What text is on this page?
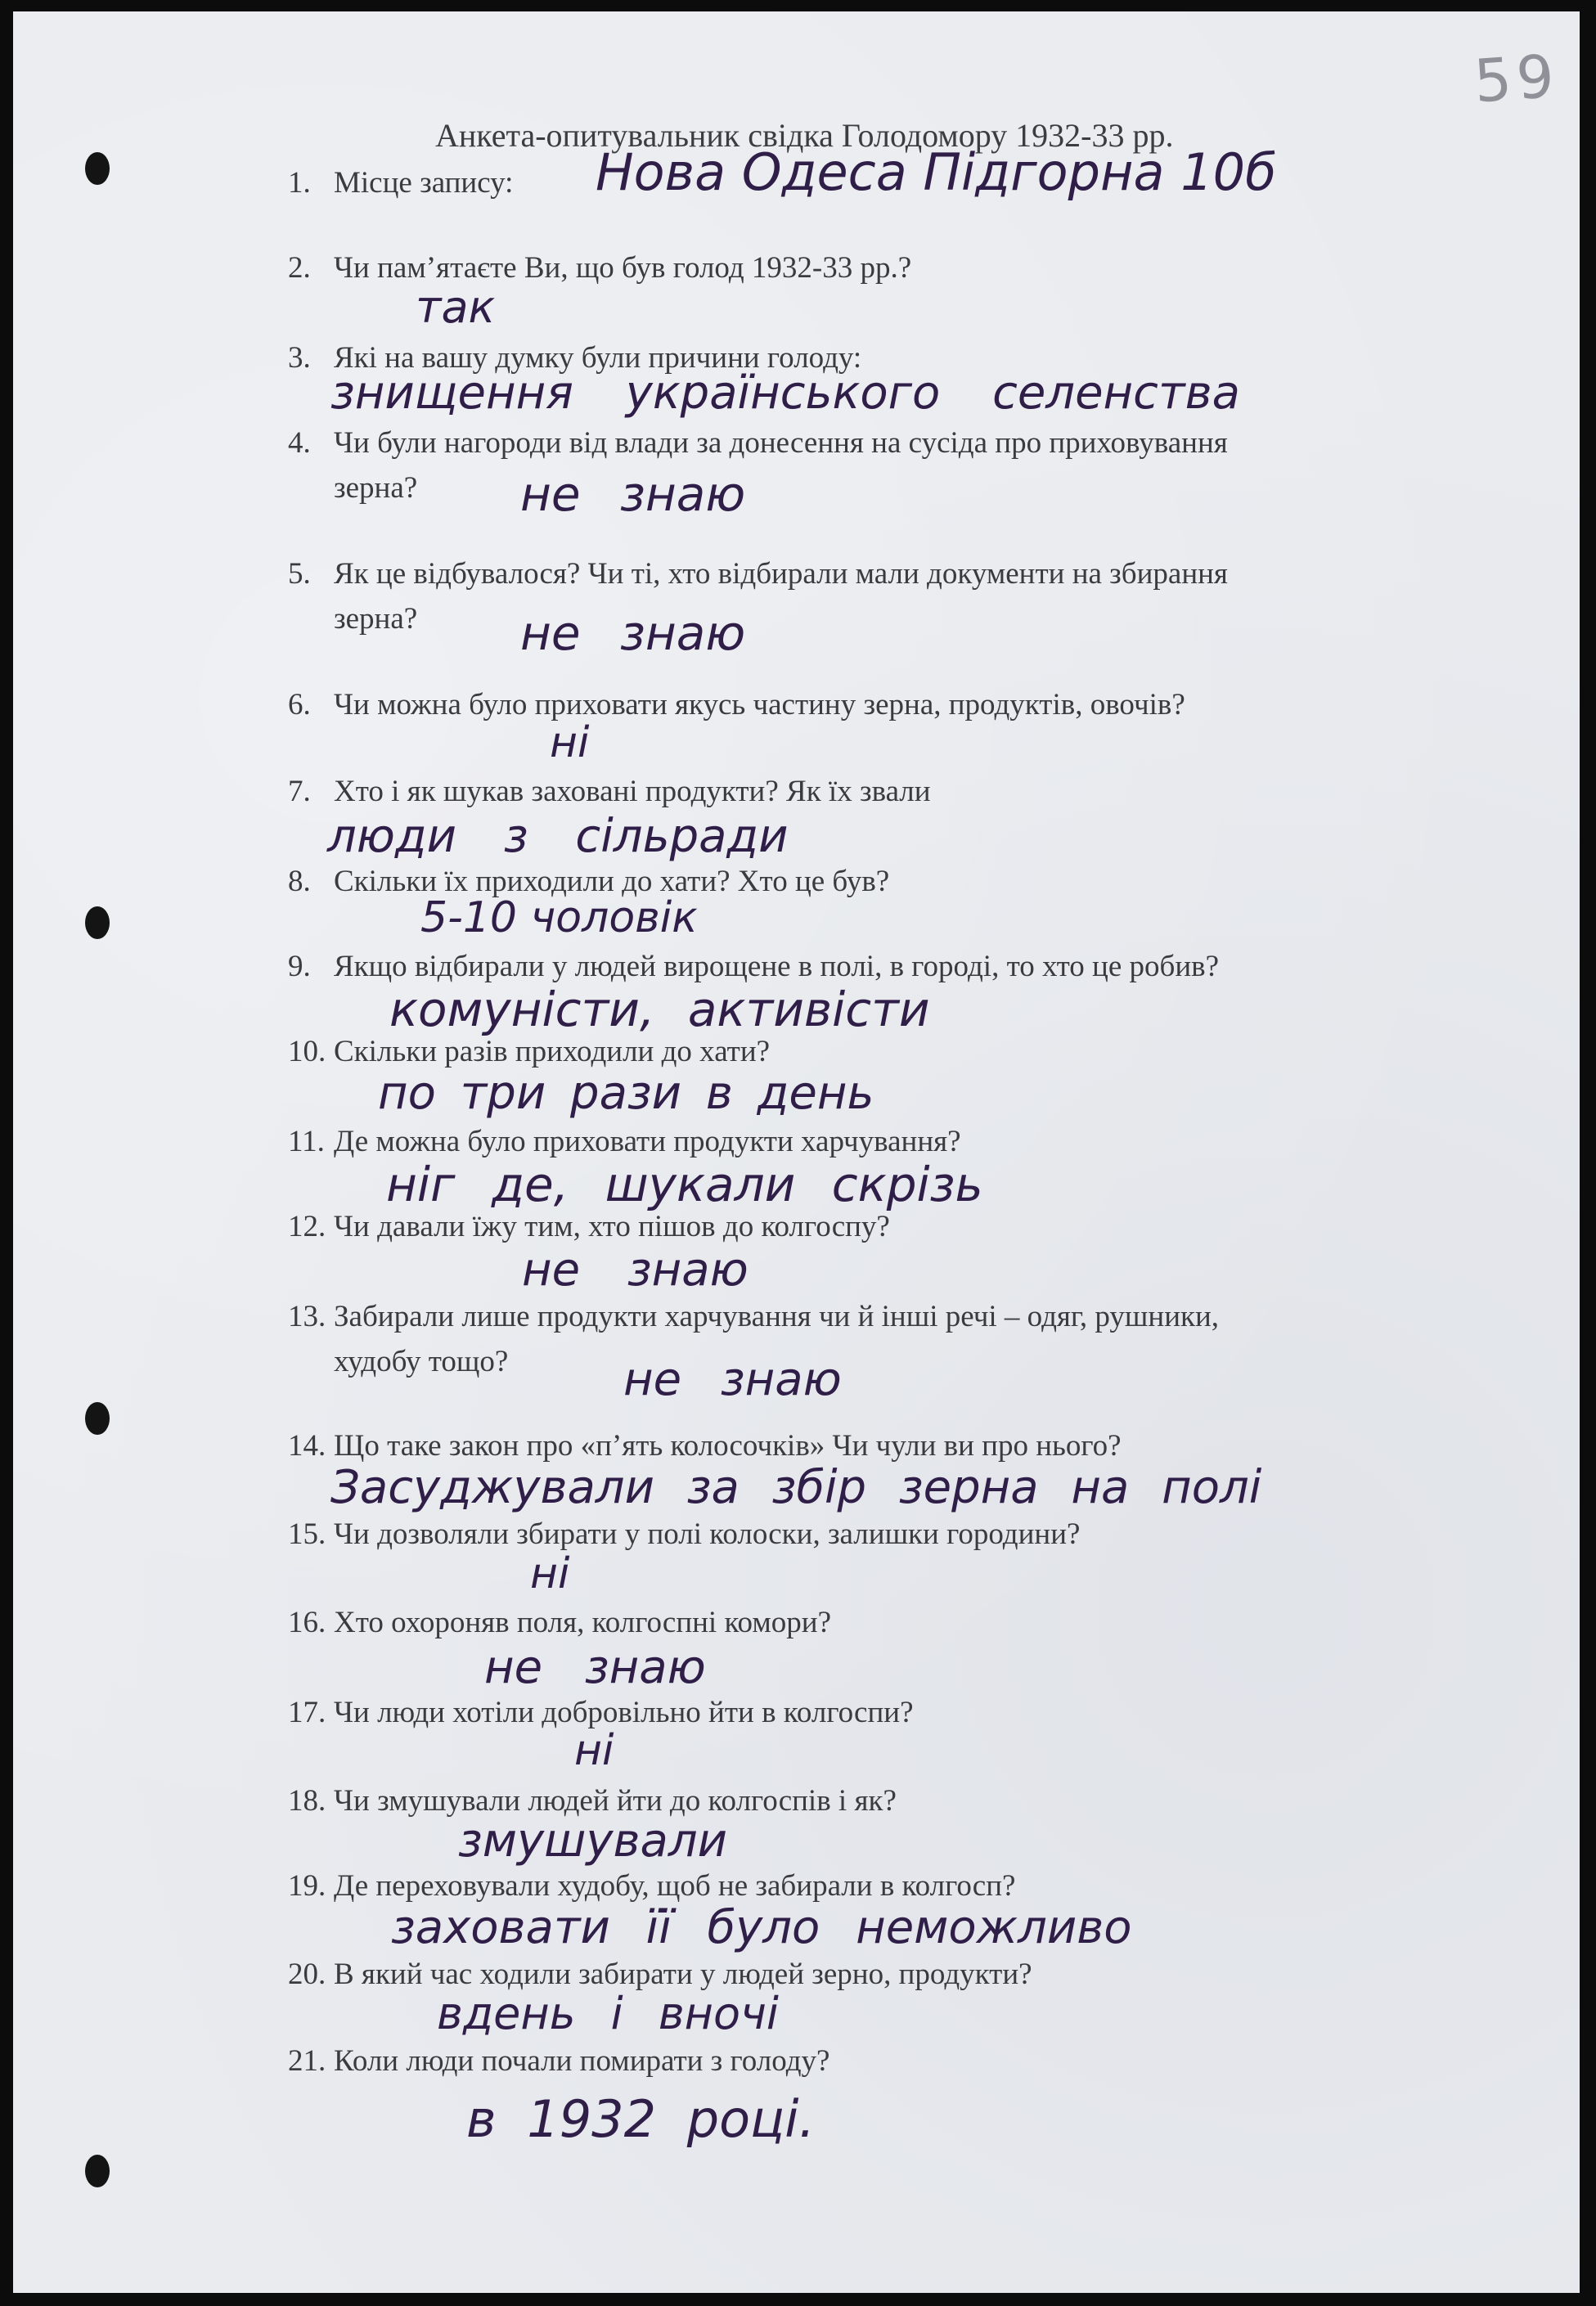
59
Анкета-опитувальник свідка Голодомору 1932-33 рр.
1. Місце запису:	Нова Одеса Підгорна 10б
2. Чи пам’ятаєте Ви, що був голод 1932-33 рр.?
так
3. Які на вашу думку були причини голоду:
знищення українського селенства
4. Чи були нагороди від влади за донесення на сусіда про приховування
зерна?	не знаю
5. Як це відбувалося? Чи ті, хто відбирали мали документи на збирання
зерна?	не знаю
6. Чи можна було приховати якусь частину зерна, продуктів, овочів?
ні
7. Хто і як шукав заховані продукти? Як їх звали
люди з сільради
8. Скільки їх приходили до хати? Хто це був?
5-10 чоловік
9. Якщо відбирали у людей вирощене в полі, в городі, то хто це робив?
комуністи, активісти
10. Скільки разів приходили до хати?
по три рази в день
11. Де можна було приховати продукти харчування?
ніг де, шукали скрізь
12. Чи давали їжу тим, хто пішов до колгоспу?
не знаю
13. Забирали лише продукти харчування чи й інші речі – одяг, рушники,
худобу тощо?	не знаю
14. Що таке закон про «п’ять колосочків» Чи чули ви про нього?
Засуджували за збір зерна на полі
15. Чи дозволяли збирати у полі колоски, залишки городини?
ні
16. Хто охороняв поля, колгоспні комори?
не знаю
17. Чи люди хотіли добровільно йти в колгоспи?
ні
18. Чи змушували людей йти до колгоспів і як?
змушували
19. Де переховували худобу, щоб не забирали в колгосп?
заховати її було неможливо
20. В який час ходили забирати у людей зерно, продукти?
вдень і вночі
21. Коли люди почали помирати з голоду?
в 1932 році.
